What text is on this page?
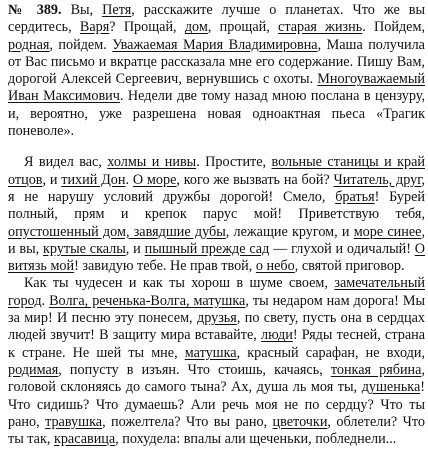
№ 389. Вы, Петя, расскажите лучше о планетах. Что же вы сердитесь, Варя? Прощай, дом, прощай, старая жизнь. Пойдем, родная, пойдем. Уважаемая Мария Владимировна, Маша получила от Вас письмо и вкратце рассказала мне его содержание. Пишу Вам, дорогой Алексей Сергеевич, вернувшись с охоты. Многоуважаемый Иван Максимович. Недели две тому назад мною послана в цензуру, и, вероятно, уже разрешена новая одноактная пьеса «Трагик поневоле».

Я видел вас, холмы и нивы. Простите, вольные станицы и край отцов, и тихий Дон. О море, кого же вызвать на бой? Читатель, друг, я не нарушу условий дружбы дорогой! Смело, братья! Бурей полный, прям и крепок парус мой! Приветствую тебя, опустошенный дом, завядшие дубы, лежащие кругом, и море синее, и вы, крутые скалы, и пышный прежде сад — глухой и одичалый! О витязь мой! завидую тебе. Не прав твой, о небо, святой приговор.

Как ты чудесен и как ты хорош в шуме своем, замечательный город. Волга, реченька-Волга, матушка, ты недаром нам дорога! Мы за мир! И песню эту понесем, друзья, по свету, пусть она в сердцах людей звучит! В защиту мира вставайте, люди! Ряды тесней, страна к стране. Не шей ты мне, матушка, красный сарафан, не входи, родимая, попусту в изъян. Что стоишь, качаясь, тонкая рябина, головой склоняясь до самого тына? Ах, душа ль моя ты, душенька! Что сидишь? Что думаешь? Али речь моя не по сердцу? Что ты рано, травушка, пожелтела? Что вы рано, цветочки, облетели? Что ты так, красавица, похудела: впалы али щеченьки, побледнели...
